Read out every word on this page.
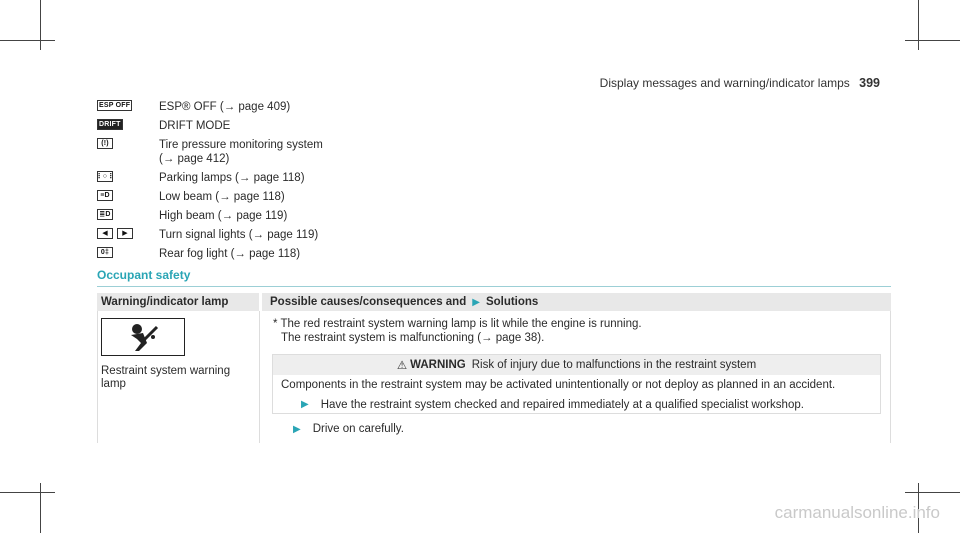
Display messages and warning/indicator lamps 399
ESP OFF	ESP® OFF (→ page 409)
DRIFT	DRIFT MODE
(!)	Tire pressure monitoring system
(→ page 412)
⋮○⋮	Parking lamps (→ page 118)
≡D	Low beam (→ page 118)
≣D	High beam (→ page 119)
◀	▶	Turn signal lights (→ page 119)
0‡	Rear fog light (→ page 118)
Occupant safety
Warning/indicator lamp	Possible causes/consequences and ▶ Solutions
Restraint system warning lamp
* The red restraint system warning lamp is lit while the engine is running.
The restraint system is malfunctioning (→ page 38).
⚠ WARNING Risk of injury due to malfunctions in the restraint system
Components in the restraint system may be activated unintentionally or not deploy as planned in an accident.
▶ Have the restraint system checked and repaired immediately at a qualified specialist workshop.
▶ Drive on carefully.
carmanualsonline.info
